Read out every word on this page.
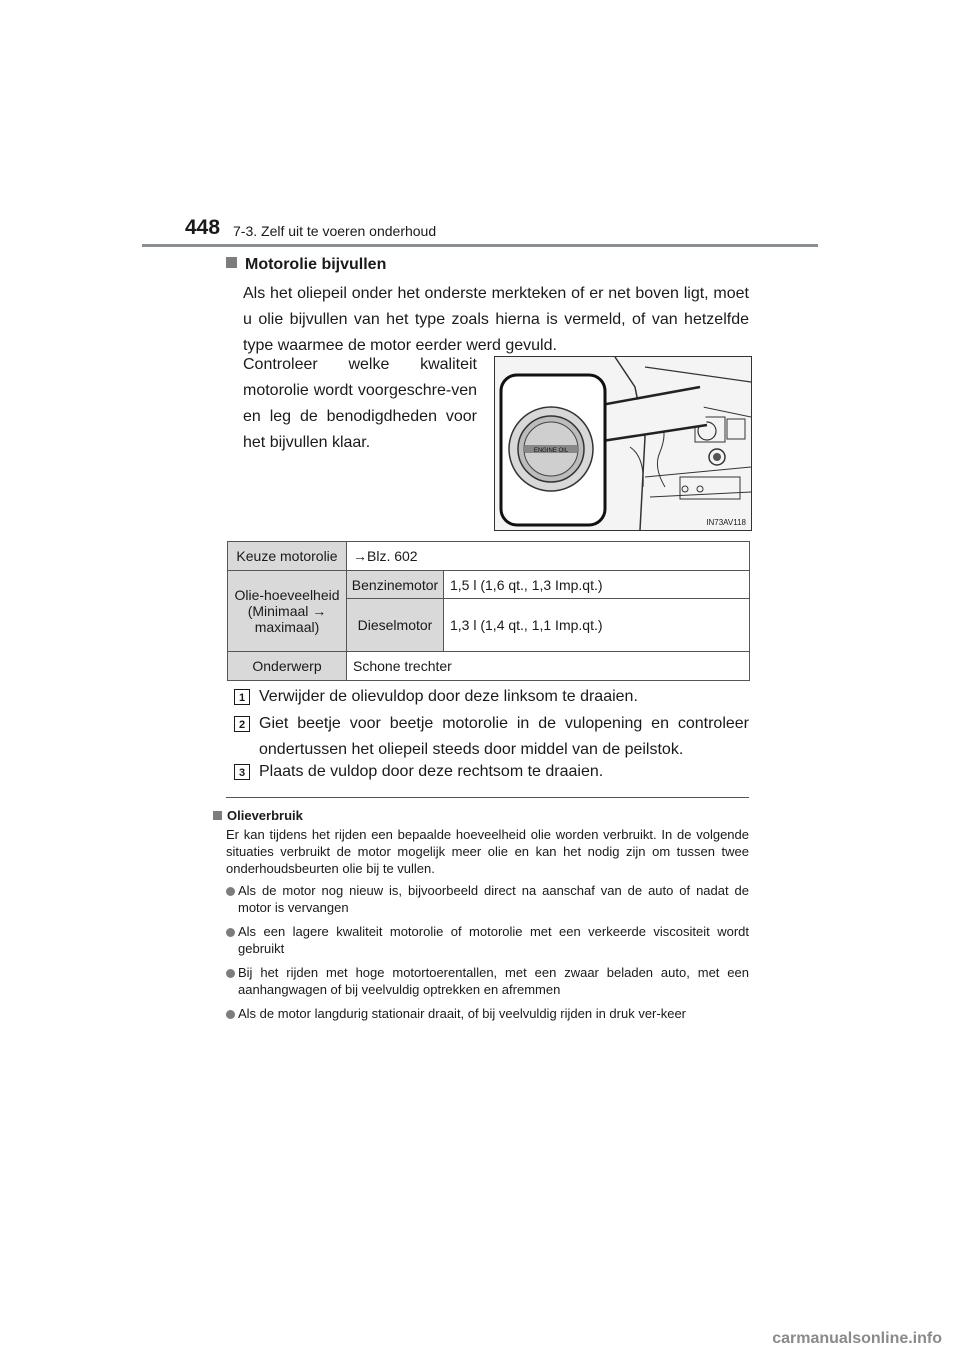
448 7-3. Zelf uit te voeren onderhoud
Motorolie bijvullen
Als het oliepeil onder het onderste merkteken of er net boven ligt, moet u olie bijvullen van het type zoals hierna is vermeld, of van hetzelfde type waarmee de motor eerder werd gevuld.
Controleer welke kwaliteit motorolie wordt voorgeschre-ven en leg de benodigdheden voor het bijvullen klaar.	ENGINE OIL
IN73AV118
Keuze motorolie	→Blz. 602	
Olie-hoeveelheid (Minimaal → maximaal)	Benzinemotor	1,5 l (1,6 qt., 1,3 Imp.qt.)
	Dieselmotor	1,3 l (1,4 qt., 1,1 Imp.qt.)
Onderwerp	Schone trechter	
1 Verwijder de olievuldop door deze linksom te draaien.
2 Giet beetje voor beetje motorolie in de vulopening en controleer ondertussen het oliepeil steeds door middel van de peilstok.
3 Plaats de vuldop door deze rechtsom te draaien.
Olieverbruik
Er kan tijdens het rijden een bepaalde hoeveelheid olie worden verbruikt. In de volgende situaties verbruikt de motor mogelijk meer olie en kan het nodig zijn om tussen twee onderhoudsbeurten olie bij te vullen.
Als de motor nog nieuw is, bijvoorbeeld direct na aanschaf van de auto of nadat de motor is vervangen
Als een lagere kwaliteit motorolie of motorolie met een verkeerde viscositeit wordt gebruikt
Bij het rijden met hoge motortoerentallen, met een zwaar beladen auto, met een aanhangwagen of bij veelvuldig optrekken en afremmen
Als de motor langdurig stationair draait, of bij veelvuldig rijden in druk ver-keer
carmanualsonline.info
